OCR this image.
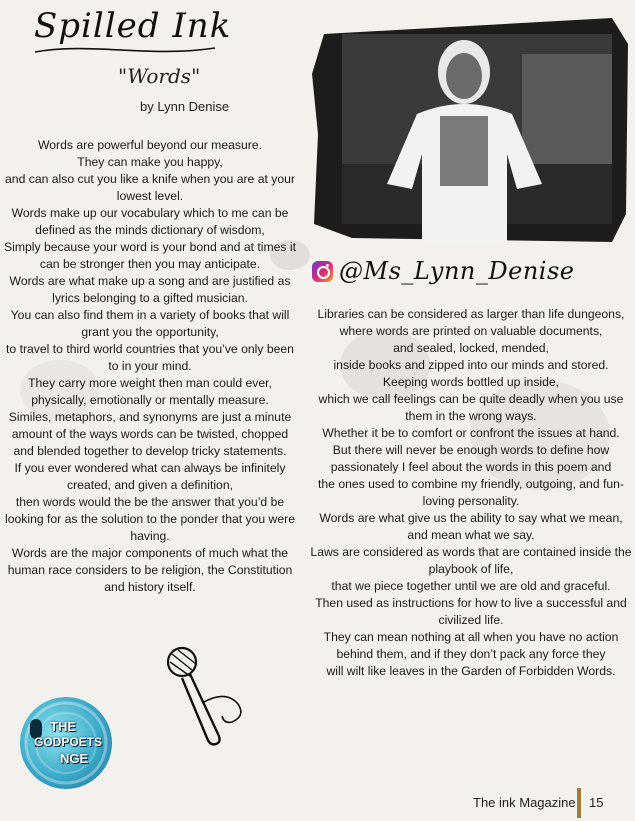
Spilled Ink
"Words"
by Lynn Denise

Words are powerful beyond our measure.

They can make you happy,

and can also cut you like a knife when you are at your lowest level.

Words make up our vocabulary which to me can be defined as the minds dictionary of wisdom,

Simply because your word is your bond and at times it can be stronger then you may anticipate.

Words are what make up a song and are justified as lyrics belonging to a gifted musician.

You can also find them in a variety of books that will grant you the opportunity,

to travel to third world countries that you’ve only been to in your mind.

They carry more weight then man could ever, physically, emotionally or mentally measure.

Similes, metaphors, and synonyms are just a minute amount of the ways words can be twisted, chopped and blended together to develop tricky statements.

If you ever wondered what can always be infinitely created, and given a definition,

then words would the be the answer that you’d be looking for as the solution to the ponder that you were

having.

Words are the major components of much what the human race considers to be religion, the Constitution and history itself.

@Ms_Lynn_Denise

Libraries can be considered as larger than life dungeons,

where words are printed on valuable documents,

and sealed, locked, mended,

inside books and zipped into our minds and stored.

Keeping words bottled up inside,

which we call feelings can be quite deadly when you use them in the wrong ways.

Whether it be to comfort or confront the issues at hand.

But there will never be enough words to define how passionately I feel about the words in this poem and

the ones used to combine my friendly, outgoing, and fun-loving personality.

Words are what give us the ability to say what we mean, and mean what we say.

Laws are considered as words that are contained inside the playbook of life,

that we piece together until we are old and graceful.

Then used as instructions for how to live a successful and civilized life.

They can mean nothing at all when you have no action behind them, and if they don’t pack any force they

will wilt like leaves in the Garden of Forbidden Words.

THE
GODPOETS
NGE
The ink Magazine 15
